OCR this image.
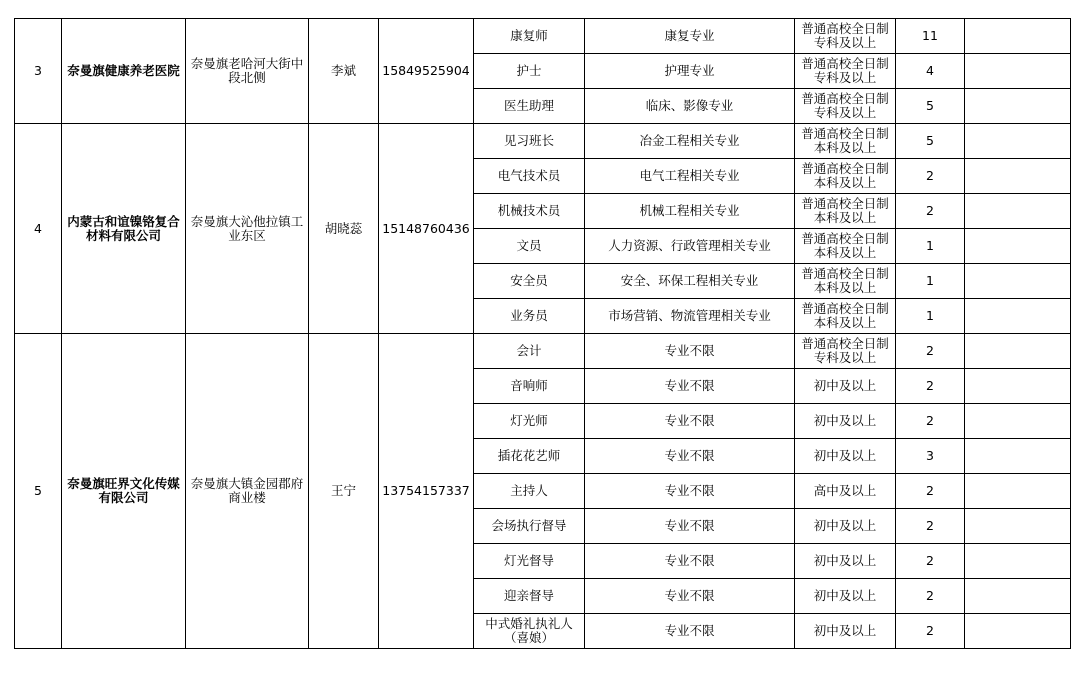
3	奈曼旗健康养老医院	奈曼旗老哈河大街中段北侧	李斌	15849525904	康复师	康复专业	普通高校全日制专科及以上	11	
					护士	护理专业	普通高校全日制专科及以上	4	
					医生助理	临床、影像专业	普通高校全日制专科及以上	5	
4	内蒙古和谊镍铬复合材料有限公司	奈曼旗大沁他拉镇工业东区	胡晓蕊	15148760436	见习班长	冶金工程相关专业	普通高校全日制本科及以上	5	
					电气技术员	电气工程相关专业	普通高校全日制本科及以上	2	
					机械技术员	机械工程相关专业	普通高校全日制本科及以上	2	
					文员	人力资源、行政管理相关专业	普通高校全日制本科及以上	1	
					安全员	安全、环保工程相关专业	普通高校全日制本科及以上	1	
					业务员	市场营销、物流管理相关专业	普通高校全日制本科及以上	1	
5	奈曼旗旺界文化传媒有限公司	奈曼旗大镇金园郡府商业楼	王宁	13754157337	会计	专业不限	普通高校全日制专科及以上	2	
					音响师	专业不限	初中及以上	2	
					灯光师	专业不限	初中及以上	2	
					插花花艺师	专业不限	初中及以上	3	
					主持人	专业不限	高中及以上	2	
					会场执行督导	专业不限	初中及以上	2	
					灯光督导	专业不限	初中及以上	2	
					迎亲督导	专业不限	初中及以上	2	
					中式婚礼执礼人（喜娘）	专业不限	初中及以上	2	
